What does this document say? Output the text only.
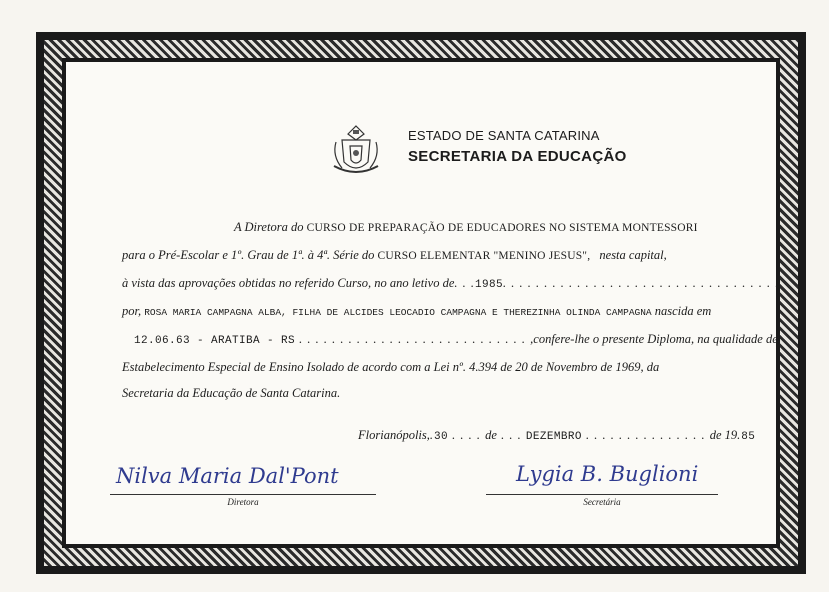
ESTADO DE SANTA CATARINA
SECRETARIA DA EDUCAÇÃO
A Diretora do CURSO DE PREPARAÇÃO DE EDUCADORES NO SISTEMA MONTESSORI
para o Pré-Escolar e 1º. Grau de 1ª. à 4ª. Série do CURSO ELEMENTAR "MENINO JESUS", nesta capital,
à vista das aprovações obtidas no referido Curso, no ano letivo de. . .1985. . . . . . . . . . . . . . . . . . . . . . . . . . . . . . . . . .
por, ROSA MARIA CAMPAGNA ALBA, FILHA DE ALCIDES LEOCADIO CAMPAGNA E THEREZINHA OLINDA CAMPAGNA nascida em
12.06.63 - ARATIBA - RS . . . . . . . . . . . . . . . . . . . . . . . . . . . . ,confere-lhe o presente Diploma, na qualidade de
Estabelecimento Especial de Ensino Isolado de acordo com a Lei nº. 4.394 de 20 de Novembro de 1969, da
Secretaria da Educação de Santa Catarina.
Florianópolis,.30 . . . . de . . . DEZEMBRO . . . . . . . . . . . . . . . de 19.85
Nilva Maria Dal'Pont
Diretora
Lygia B. Buglioni
Secretária
